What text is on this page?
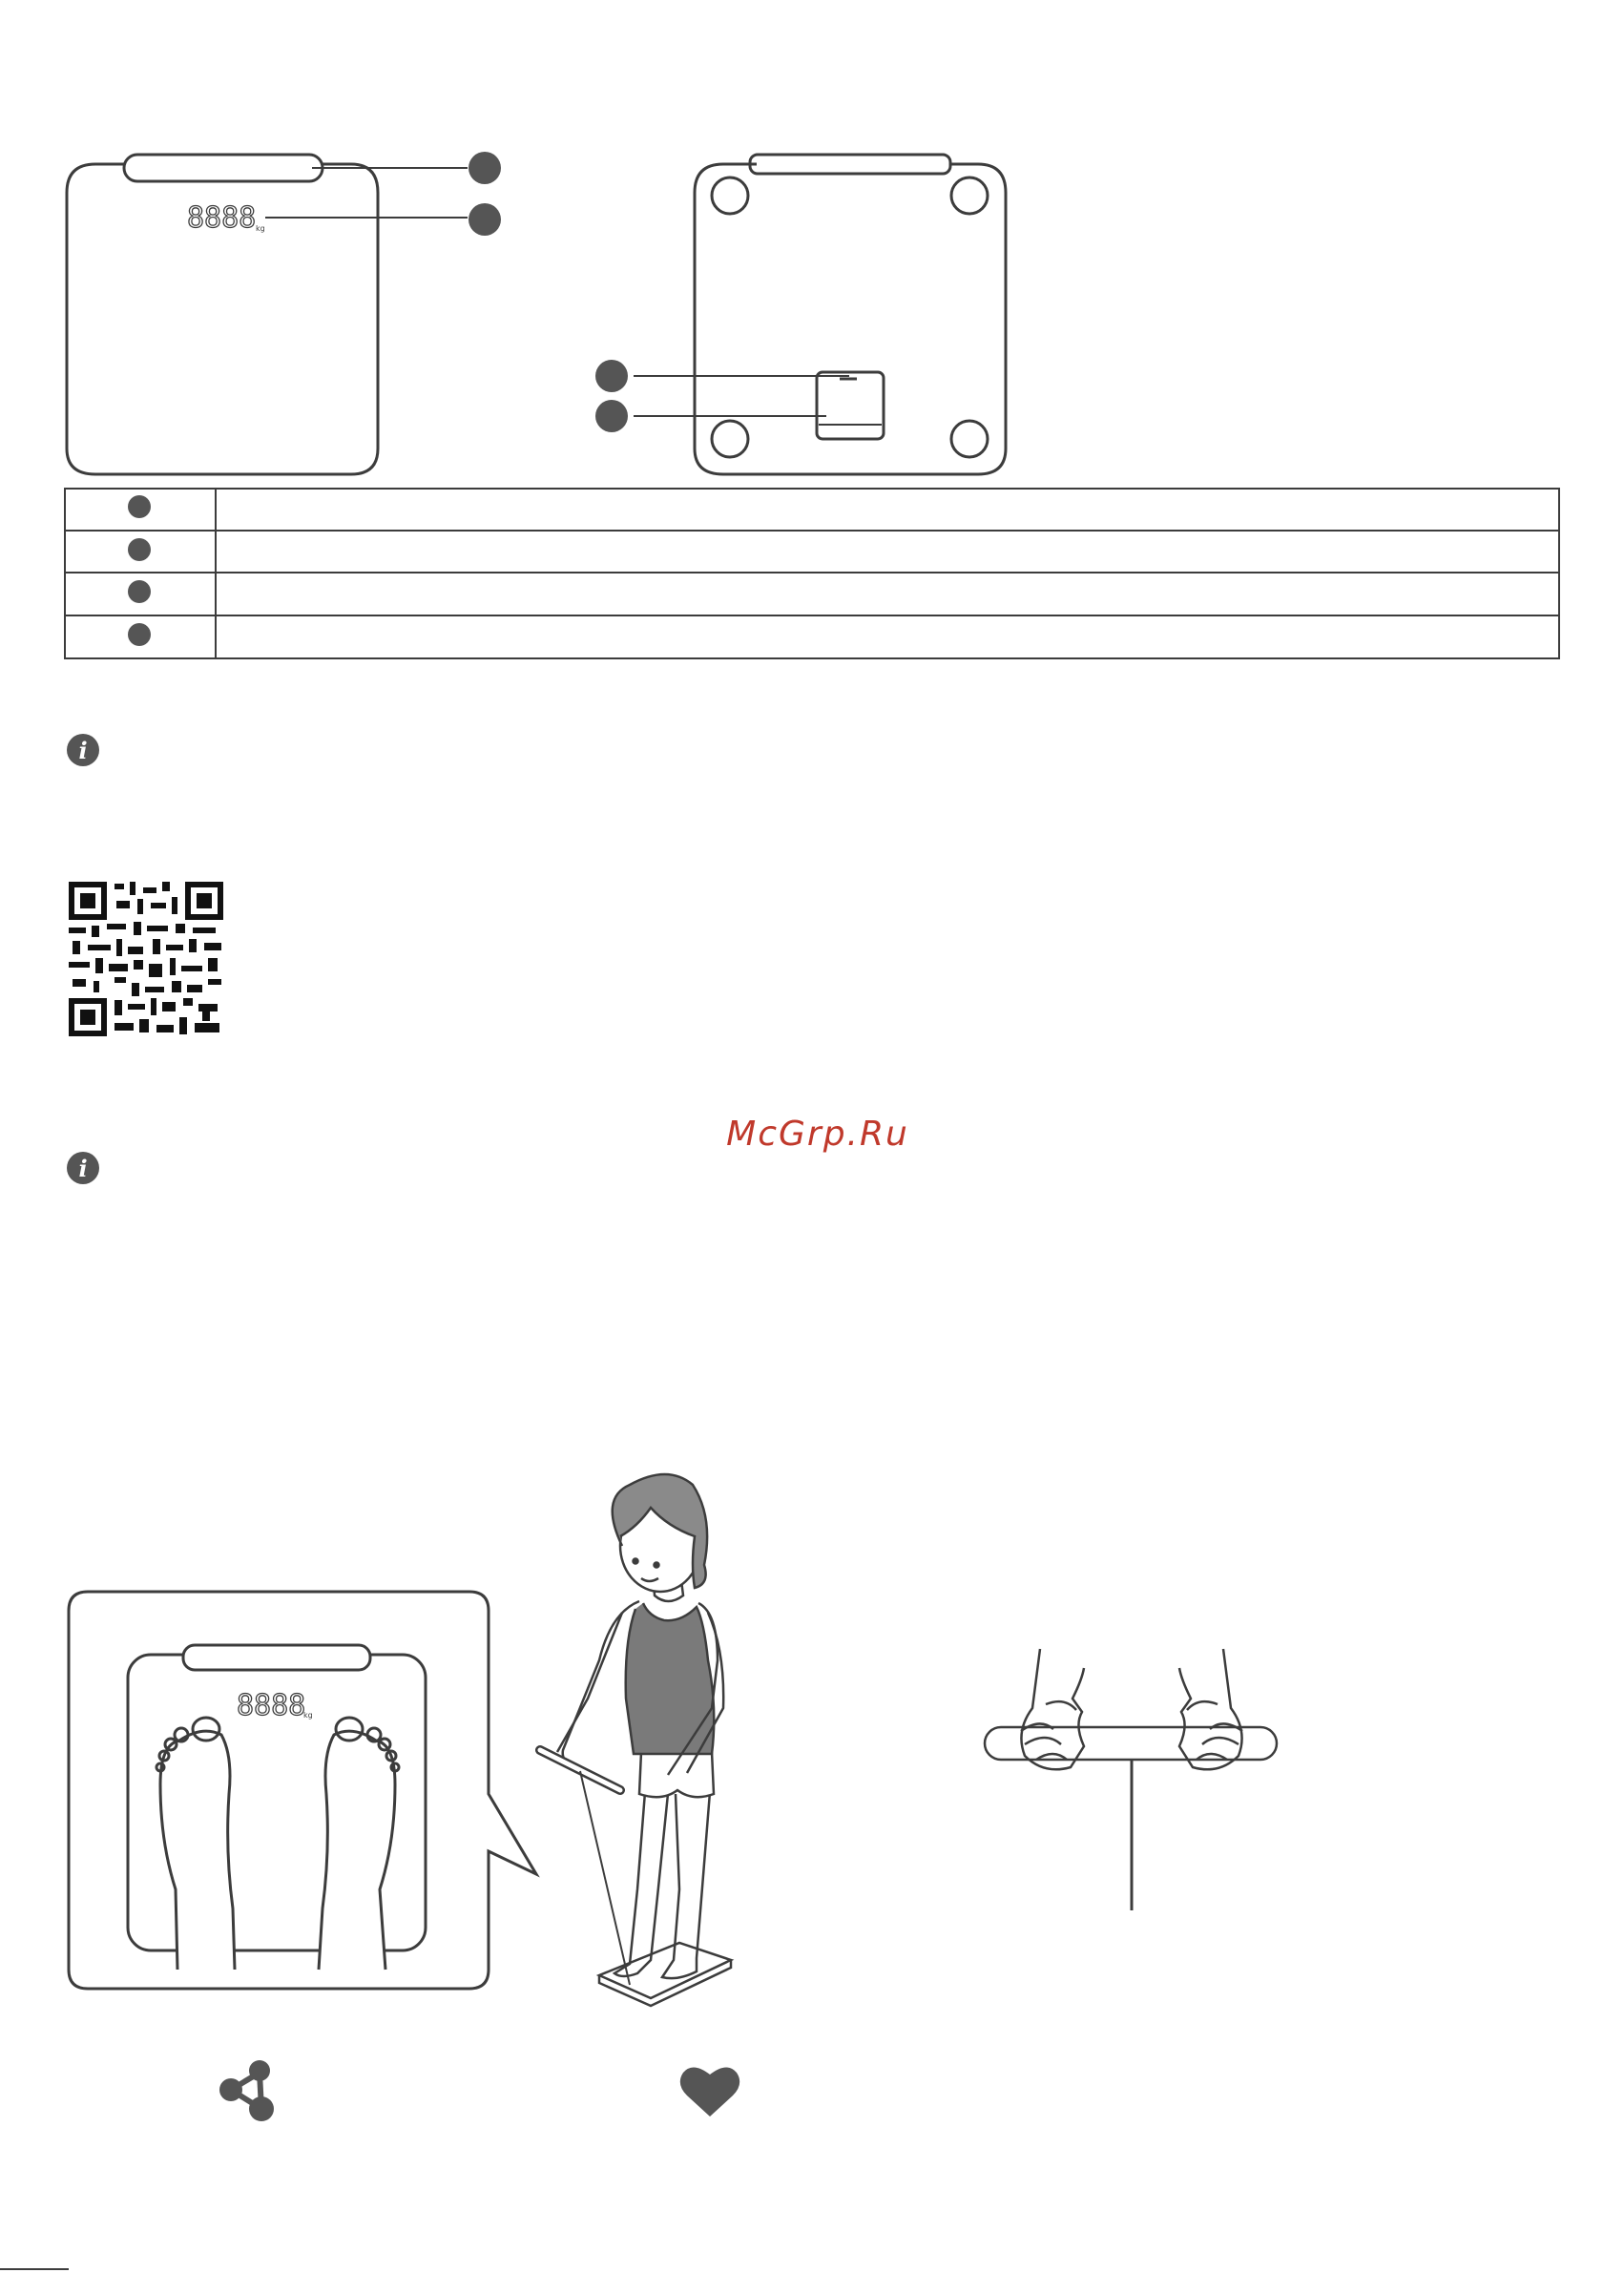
8888 kg
i
i
8888
kg
McGrp.Ru
